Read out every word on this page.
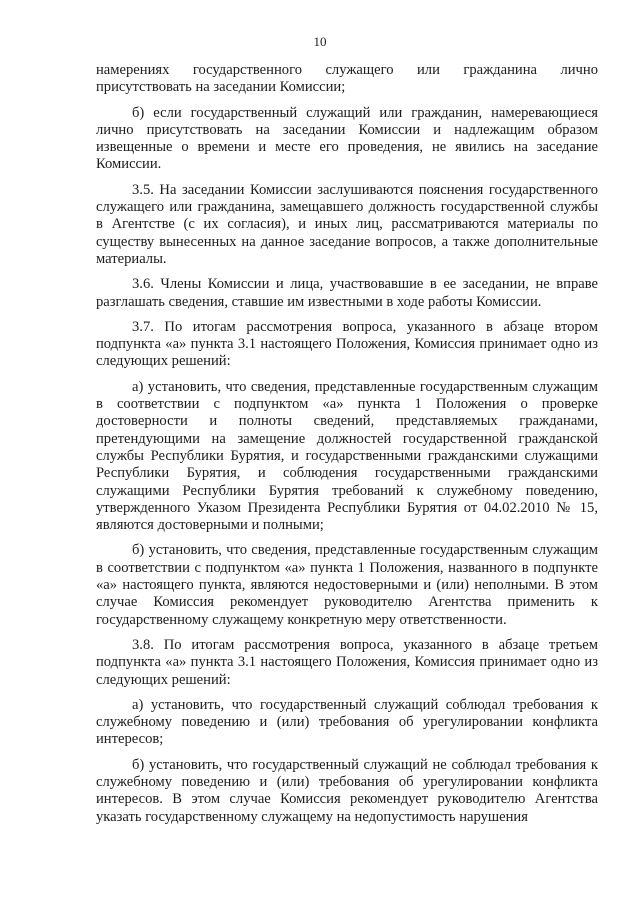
10

намерениях государственного служащего или гражданина лично присутствовать на заседании Комиссии;

б) если государственный служащий или гражданин, намеревающиеся лично присутствовать на заседании Комиссии и надлежащим образом извещенные о времени и месте его проведения, не явились на заседание Комиссии.

3.5. На заседании Комиссии заслушиваются пояснения государственного служащего или гражданина, замещавшего должность государственной службы в Агентстве (с их согласия), и иных лиц, рассматриваются материалы по существу вынесенных на данное заседание вопросов, а также дополнительные материалы.

3.6. Члены Комиссии и лица, участвовавшие в ее заседании, не вправе разглашать сведения, ставшие им известными в ходе работы Комиссии.

3.7. По итогам рассмотрения вопроса, указанного в абзаце втором подпункта «а» пункта 3.1 настоящего Положения, Комиссия принимает одно из следующих решений:

а) установить, что сведения, представленные государственным служащим в соответствии с подпунктом «а» пункта 1 Положения о проверке достоверности и полноты сведений, представляемых гражданами, претендующими на замещение должностей государственной гражданской службы Республики Бурятия, и государственными гражданскими служащими Республики Бурятия, и соблюдения государственными гражданскими служащими Республики Бурятия требований к служебному поведению, утвержденного Указом Президента Республики Бурятия от 04.02.2010 № 15, являются достоверными и полными;

б) установить, что сведения, представленные государственным служащим в соответствии с подпунктом «а» пункта 1 Положения, названного в подпункте «а» настоящего пункта, являются недостоверными и (или) неполными. В этом случае Комиссия рекомендует руководителю Агентства применить к государственному служащему конкретную меру ответственности.

3.8. По итогам рассмотрения вопроса, указанного в абзаце третьем подпункта «а» пункта 3.1 настоящего Положения, Комиссия принимает одно из следующих решений:

а) установить, что государственный служащий соблюдал требования к служебному поведению и (или) требования об урегулировании конфликта интересов;

б) установить, что государственный служащий не соблюдал требования к служебному поведению и (или) требования об урегулировании конфликта интересов. В этом случае Комиссия рекомендует руководителю Агентства указать государственному служащему на недопустимость нарушения
